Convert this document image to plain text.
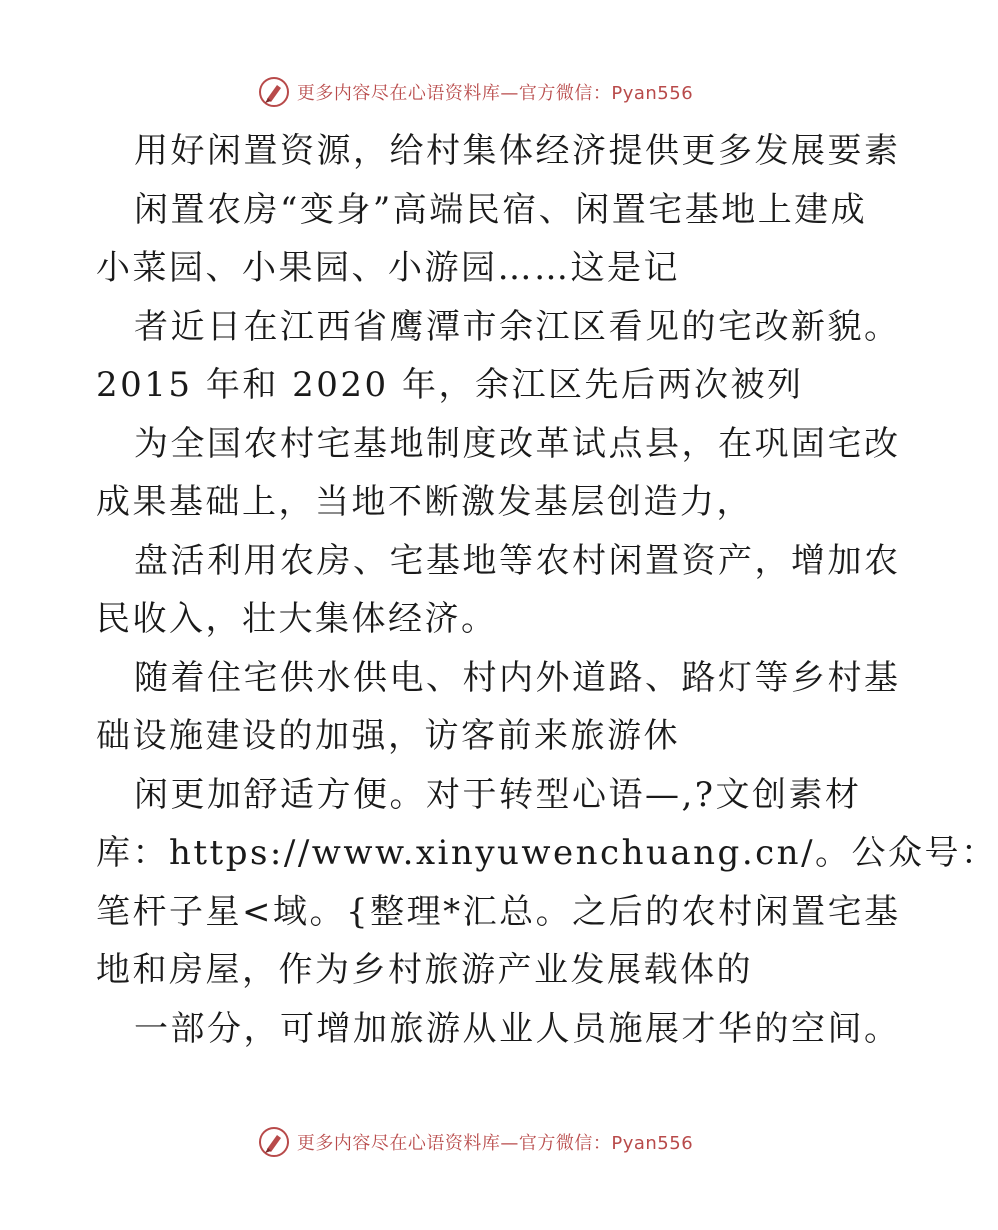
更多内容尽在心语资料库—官方微信：Pyan556
用好闲置资源，给村集体经济提供更多发展要素
闲置农房“变身”高端民宿、闲置宅基地上建成
小菜园、小果园、小游园……这是记
者近日在江西省鹰潭市余江区看见的宅改新貌。
2015 年和 2020 年，余江区先后两次被列
为全国农村宅基地制度改革试点县，在巩固宅改
成果基础上，当地不断激发基层创造力，
盘活利用农房、宅基地等农村闲置资产，增加农
民收入，壮大集体经济。
随着住宅供水供电、村内外道路、路灯等乡村基
础设施建设的加强，访客前来旅游休
闲更加舒适方便。对于转型心语—,?文创素材
库：https://www.xinyuwenchuang.cn/。公众号：
笔杆子星<域。{整理*汇总。之后的农村闲置宅基
地和房屋，作为乡村旅游产业发展载体的
一部分，可增加旅游从业人员施展才华的空间。
更多内容尽在心语资料库—官方微信：Pyan556
